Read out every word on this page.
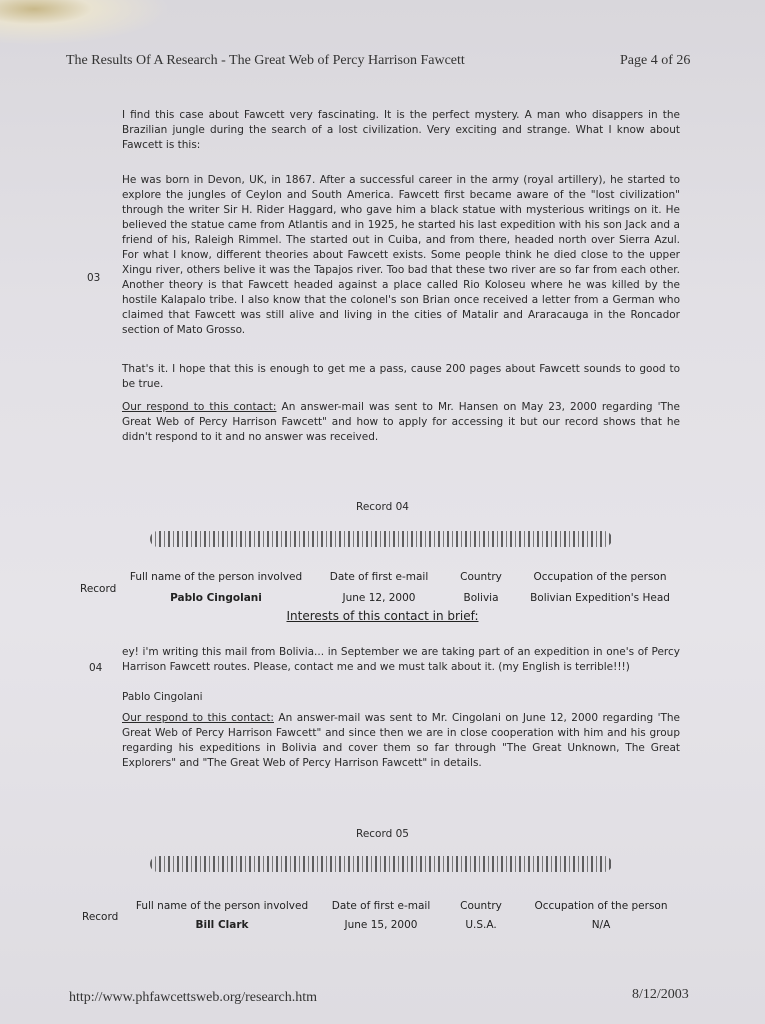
The Results Of A Research - The Great Web of Percy Harrison Fawcett	Page 4 of 26
I find this case about Fawcett very fascinating. It is the perfect mystery. A man who disappers in the Brazilian jungle during the search of a lost civilization. Very exciting and strange. What I know about Fawcett is this:
He was born in Devon, UK, in 1867. After a successful career in the army (royal artillery), he started to explore the jungles of Ceylon and South America. Fawcett first became aware of the "lost civilization" through the writer Sir H. Rider Haggard, who gave him a black statue with mysterious writings on it. He believed the statue came from Atlantis and in 1925, he started his last expedition with his son Jack and a friend of his, Raleigh Rimmel. The started out in Cuiba, and from there, headed north over Sierra Azul. For what I know, different theories about Fawcett exists. Some people think he died close to the upper Xingu river, others belive it was the Tapajos river. Too bad that these two river are so far from each other. Another theory is that Fawcett headed against a place called Rio Koloseu where he was killed by the hostile Kalapalo tribe. I also know that the colonel's son Brian once received a letter from a German who claimed that Fawcett was still alive and living in the cities of Matalir and Araracauga in the Roncador section of Mato Grosso.
03
That's it. I hope that this is enough to get me a pass, cause 200 pages about Fawcett sounds to good to be true.
Our respond to this contact: An answer-mail was sent to Mr. Hansen on May 23, 2000 regarding 'The Great Web of Percy Harrison Fawcett" and how to apply for accessing it but our record shows that he didn't respond to it and no answer was received.
Record 04
Record
Full name of the person involved	Date of first e-mail	Country	Occupation of the person
Pablo Cingolani	June 12, 2000	Bolivia	Bolivian Expedition's Head
Interests of this contact in brief:
ey! i'm writing this mail from Bolivia... in September we are taking part of an expedition in one's of Percy Harrison Fawcett routes. Please, contact me and we must talk about it. (my English is terrible!!!)
04
Pablo Cingolani
Our respond to this contact: An answer-mail was sent to Mr. Cingolani on June 12, 2000 regarding 'The Great Web of Percy Harrison Fawcett" and since then we are in close cooperation with him and his group regarding his expeditions in Bolivia and cover them so far through "The Great Unknown, The Great Explorers" and "The Great Web of Percy Harrison Fawcett" in details.
Record 05
Record
Full name of the person involved	Date of first e-mail	Country	Occupation of the person
Bill Clark	June 15, 2000	U.S.A.	N/A
http://www.phfawcettsweb.org/research.htm	8/12/2003
